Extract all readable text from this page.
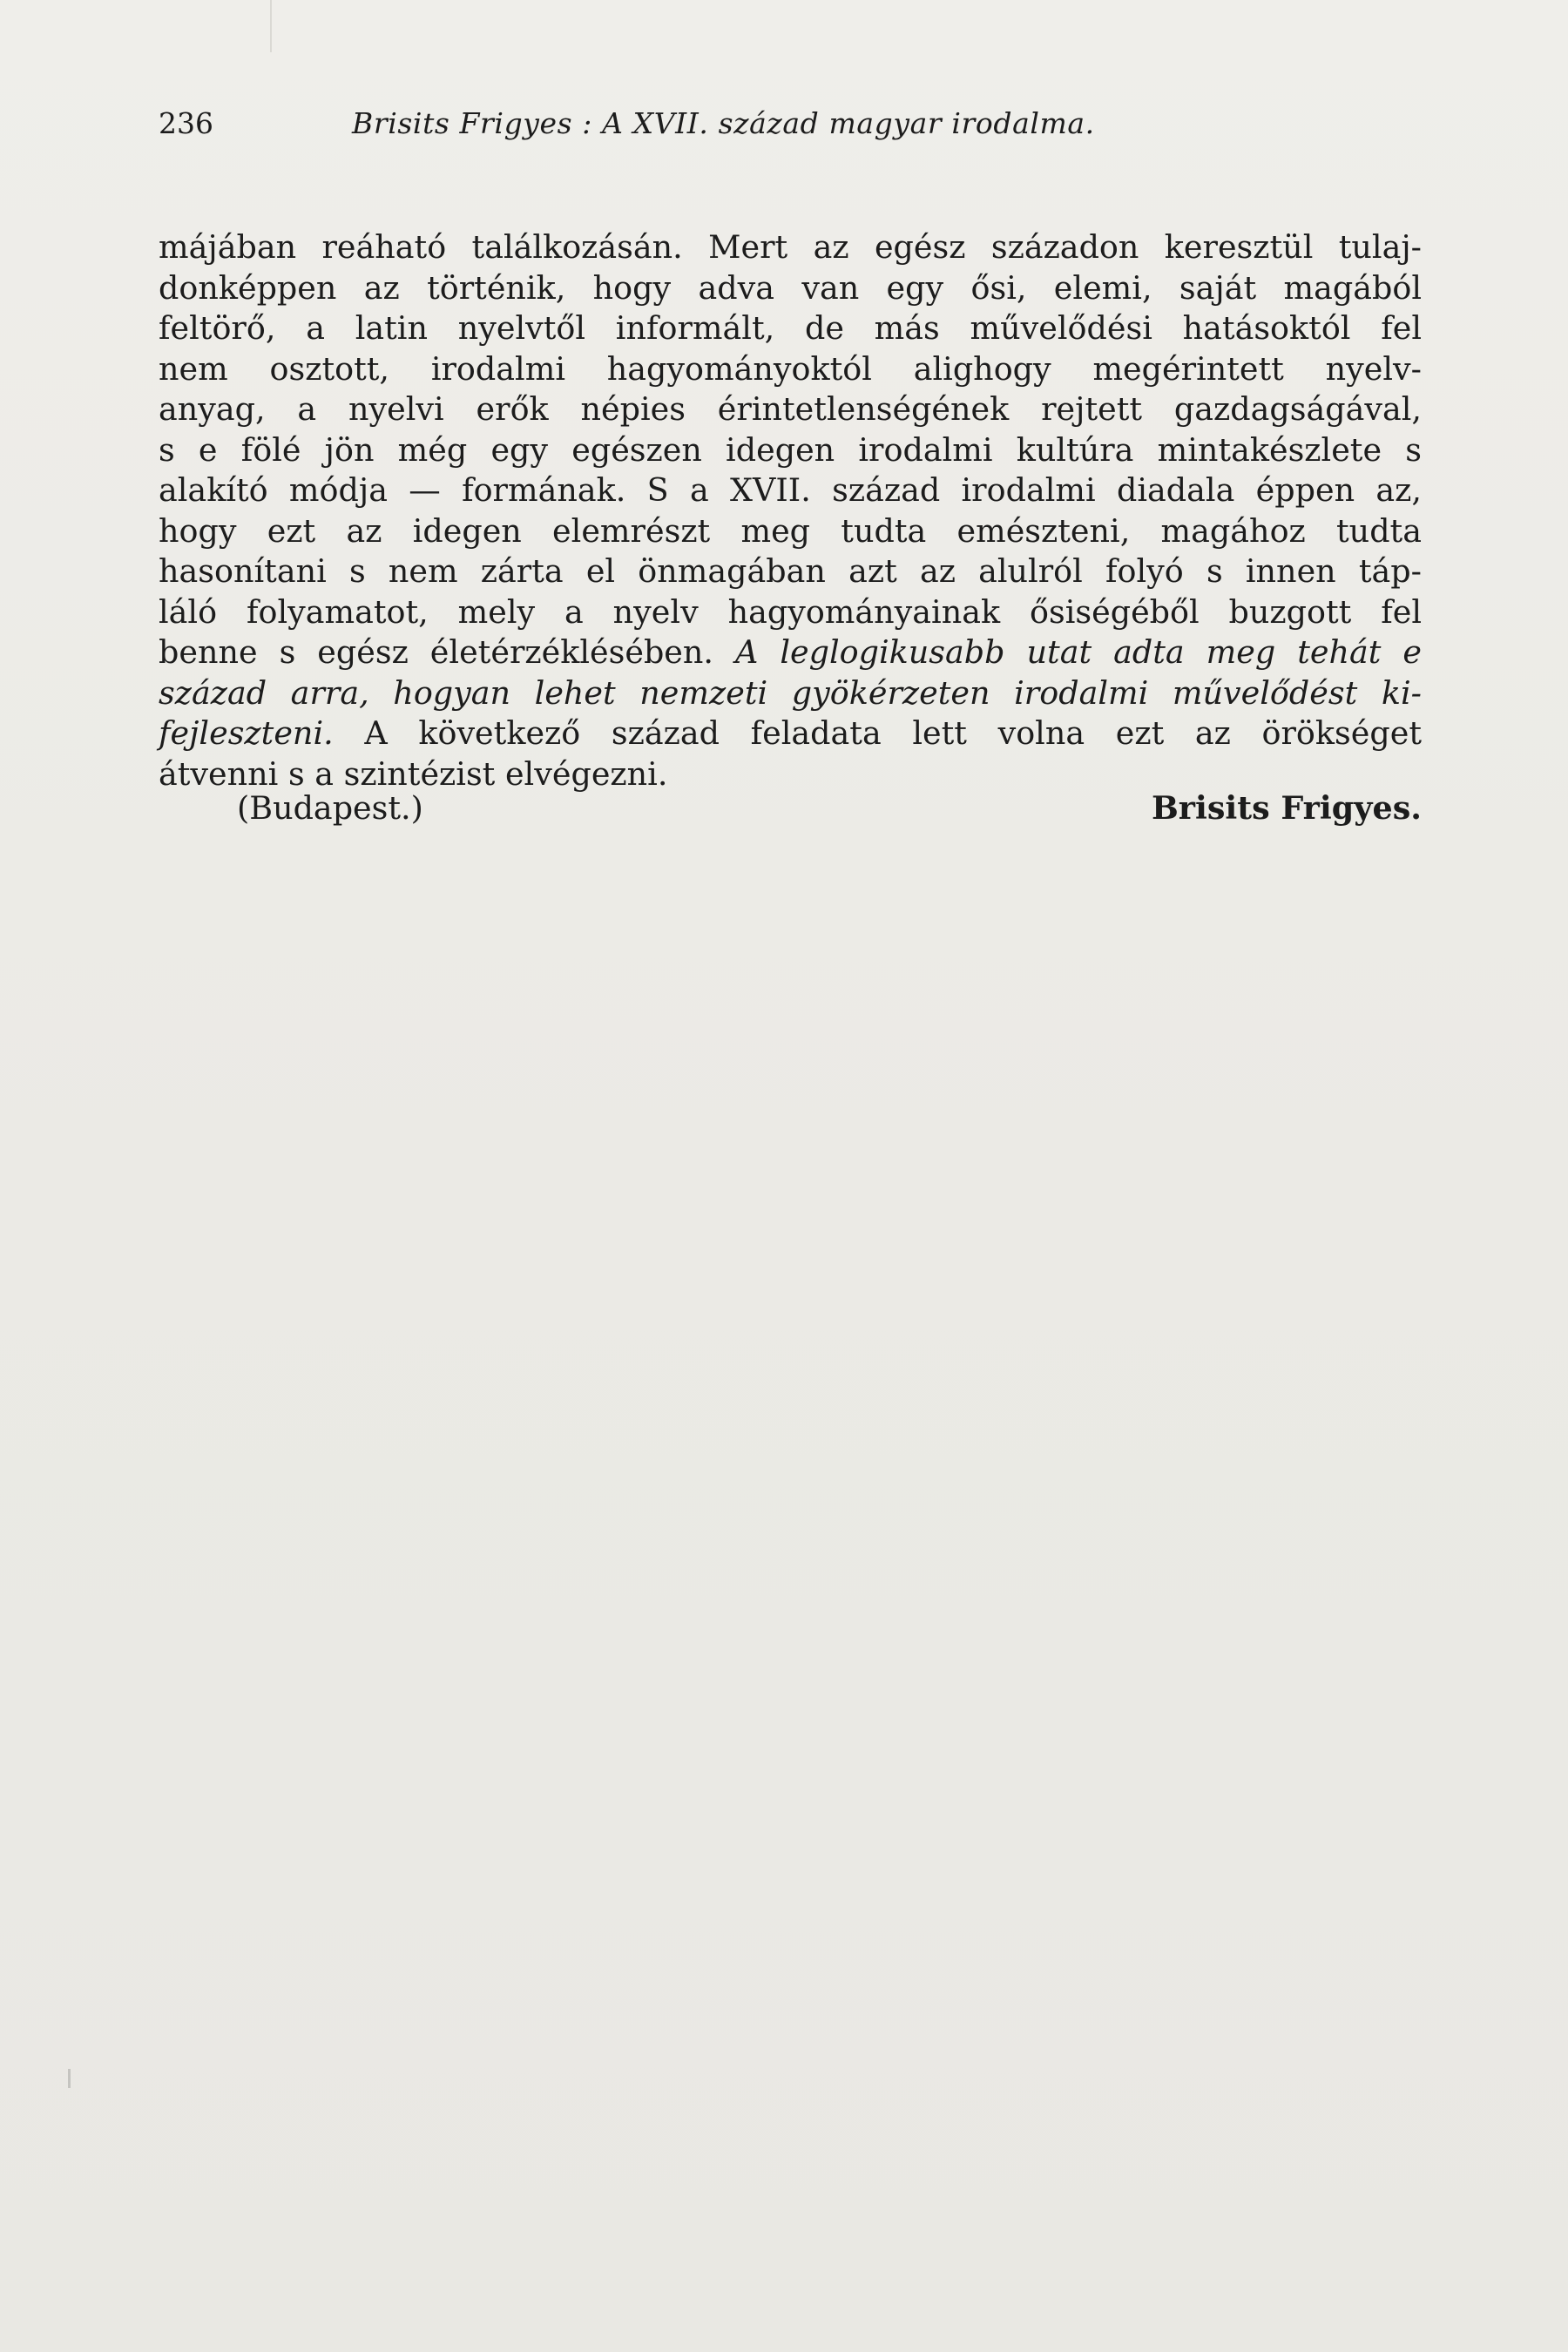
236	Brisits Frigyes : A XVII. század magyar irodalma.
májában reáható találkozásán. Mert az egész századon keresztül tulaj-
donképpen az történik, hogy adva van egy ősi, elemi, saját magából
feltörő, a latin nyelvtől informált, de más művelődési hatásoktól fel
nem osztott, irodalmi hagyományoktól alighogy megérintett nyelv-
anyag, a nyelvi erők népies érintetlenségének rejtett gazdagságával,
s e fölé jön még egy egészen idegen irodalmi kultúra mintakészlete s
alakító módja — formának. S a XVII. század irodalmi diadala éppen az,
hogy ezt az idegen elemrészt meg tudta emészteni, magához tudta
hasonítani s nem zárta el önmagában azt az alulról folyó s innen táp-
láló folyamatot, mely a nyelv hagyományainak ősiségéből buzgott fel
benne s egész életérzéklésében. A leglogikusabb utat adta meg tehát e
század arra, hogyan lehet nemzeti gyökérzeten irodalmi művelődést ki-
fejleszteni. A következő század feladata lett volna ezt az örökséget
átvenni s a szintézist elvégezni.
(Budapest.)	Brisits Frigyes.
